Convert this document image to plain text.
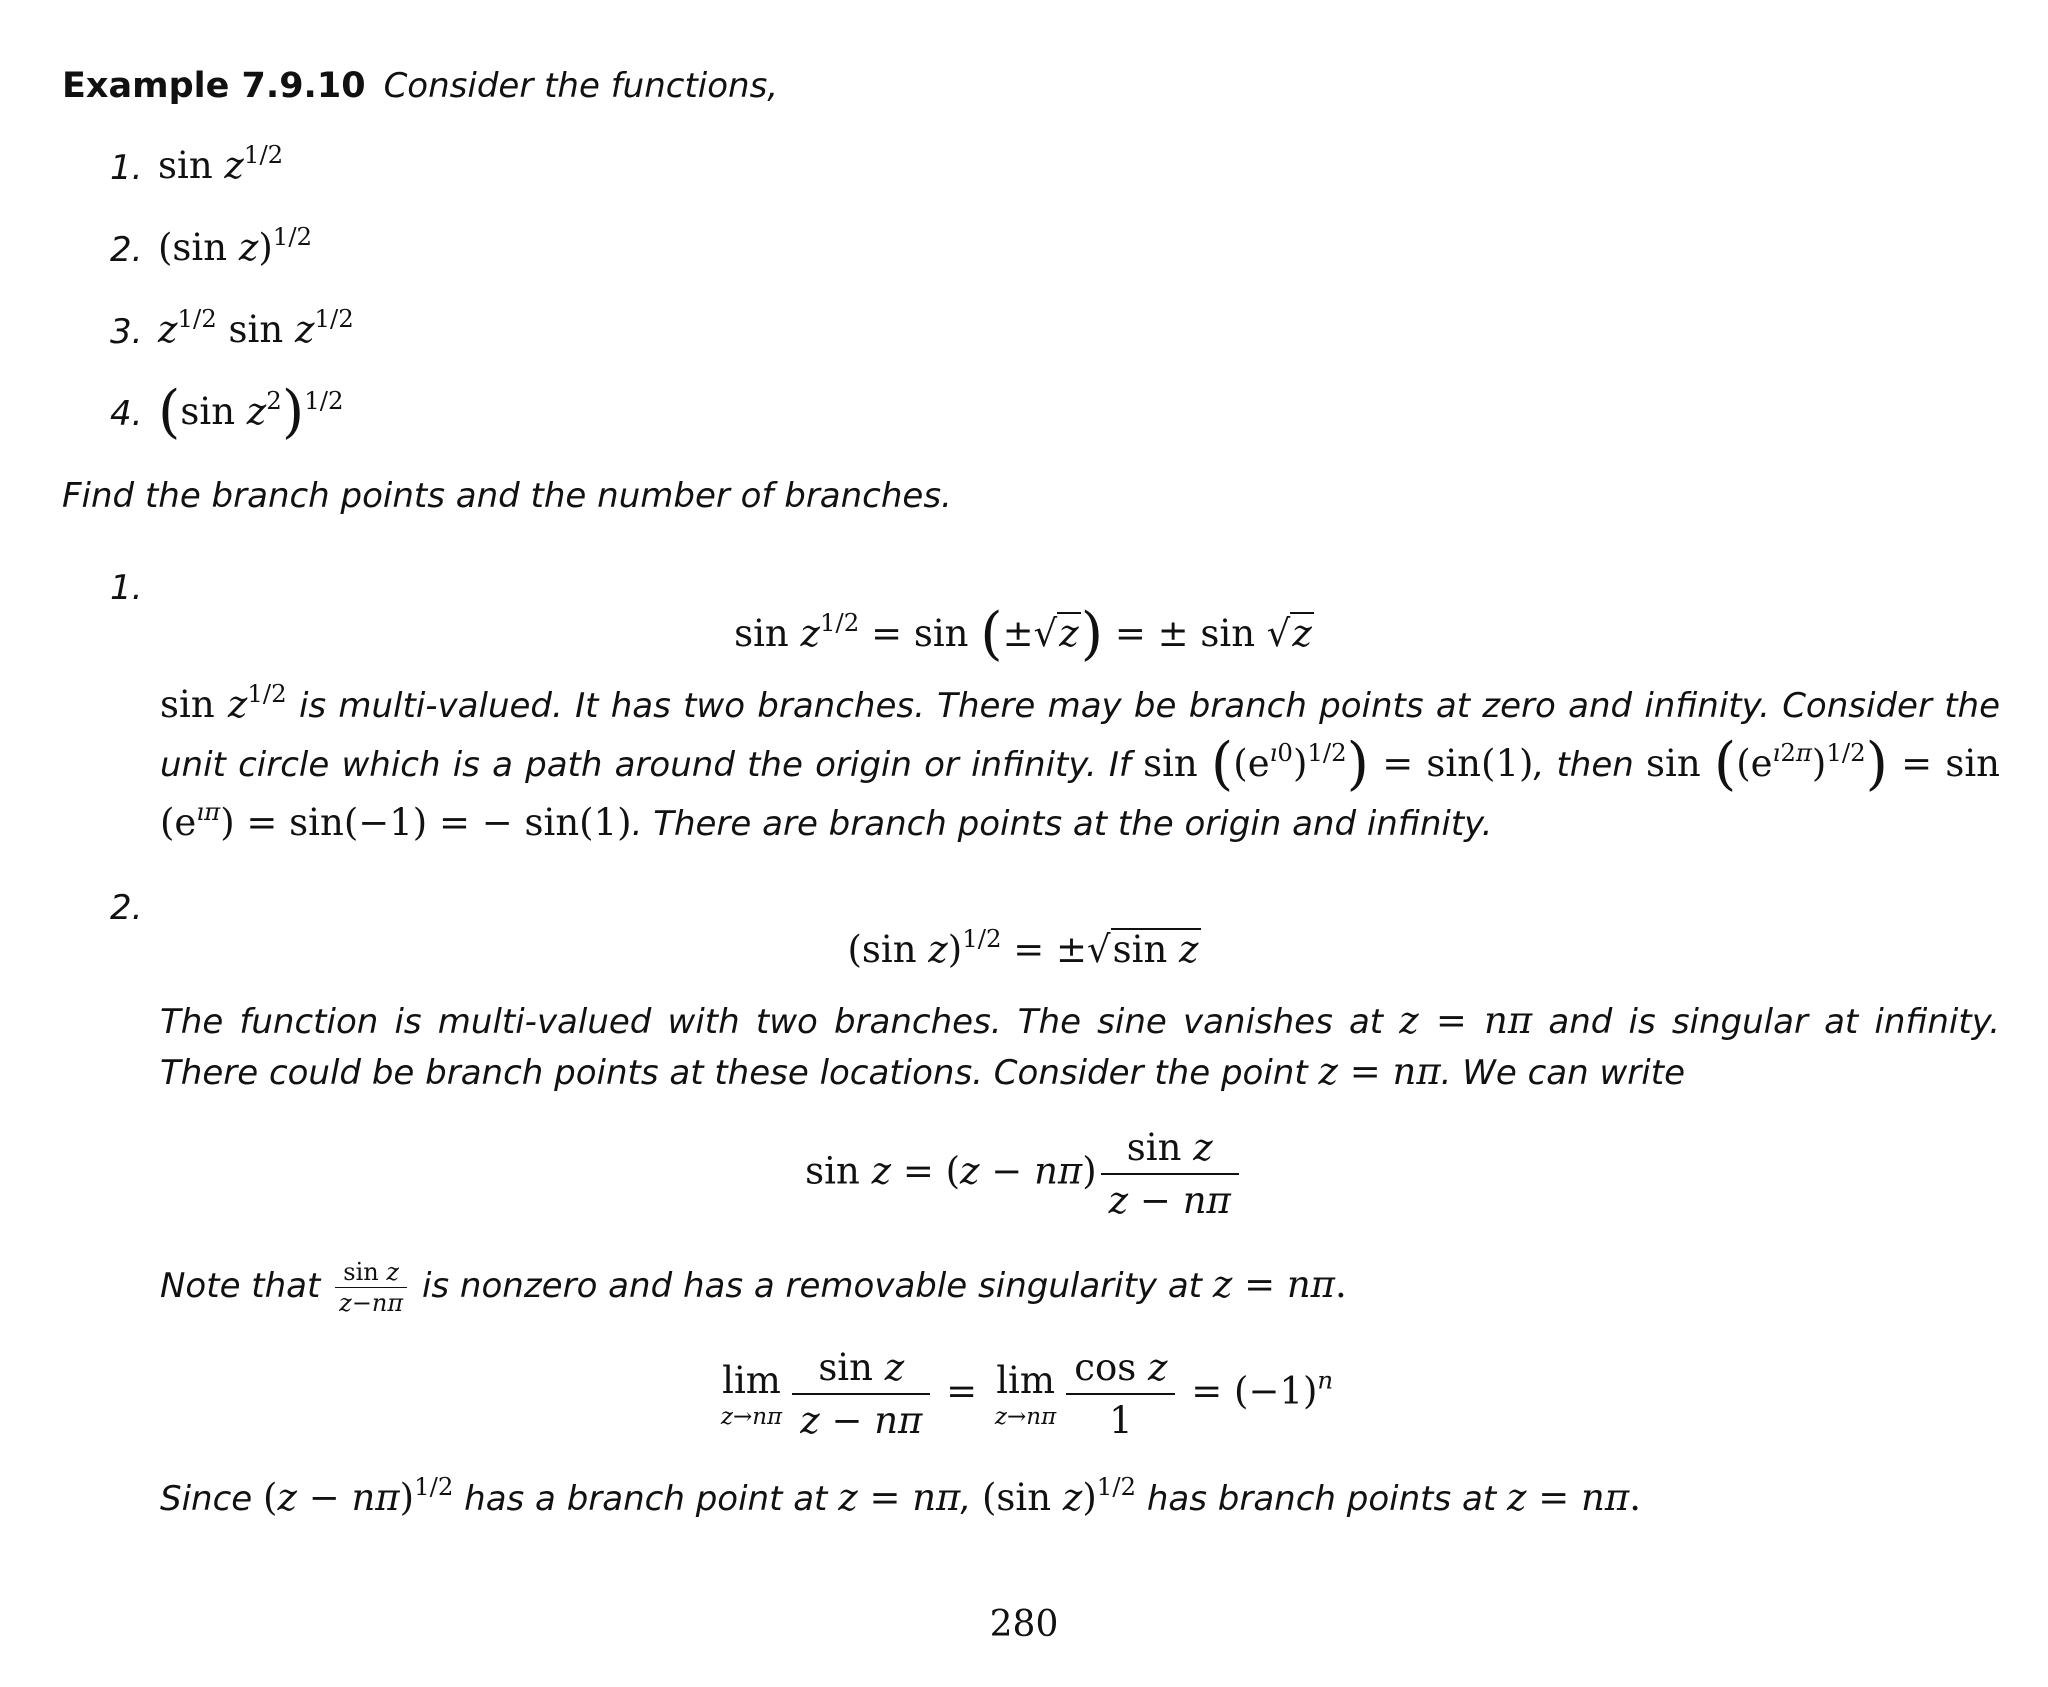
Example 7.9.10 Consider the functions,
1. $\sin z^{1/2}$
2. (sin z)$^{1/2}$
3. $z^{1/2}$ $\sin z^{1/2}$
4. (sin $z^2)^{1/2}$
Find the branch points and the number of branches.
1.
$\sin z^{1/2} = \sin (\pm√z)$ = ± sin √z
$\sin z^{1/2}$ is multi-valued. It has two branches. There may be branch points at zero and infinity. Consider the unit circle which is a path around the origin or infinity. If $\sin ((e^{ı0})^{1/2}) = \sin(1)$, then $\sin ((e^{ı2\pi})^{1/2}) = \sin (e^{ı\pi}) = \sin(-1)$ = − sin(1). There are branch points at the origin and infinity.
2.
(sin z)$^{1/2}$ = ±√sin z
The function is multi-valued with two branches. The sine vanishes at z = nπ and is singular at infinity. There could be branch points at these locations. Consider the point z = nπ. We can write
$\sin z = (z - n\pi) \frac{\text{sin z}}{z - n\pi}$
Note that $\frac{\text{sin z}}{z-n\pi}$ is nonzero and has a removable singularity at z = nπ.
lim
$z\to n\pi \frac{\text{sin z}}{z - n\pi} = \lim$
$z\to n\pi \frac{\text{cos z}}{1} = (-1)^n$
Since $(z - n\pi)^{1/2}$ has a branch point at z = nπ, (sin z)$^{1/2}$ has branch points at z = nπ.
280
